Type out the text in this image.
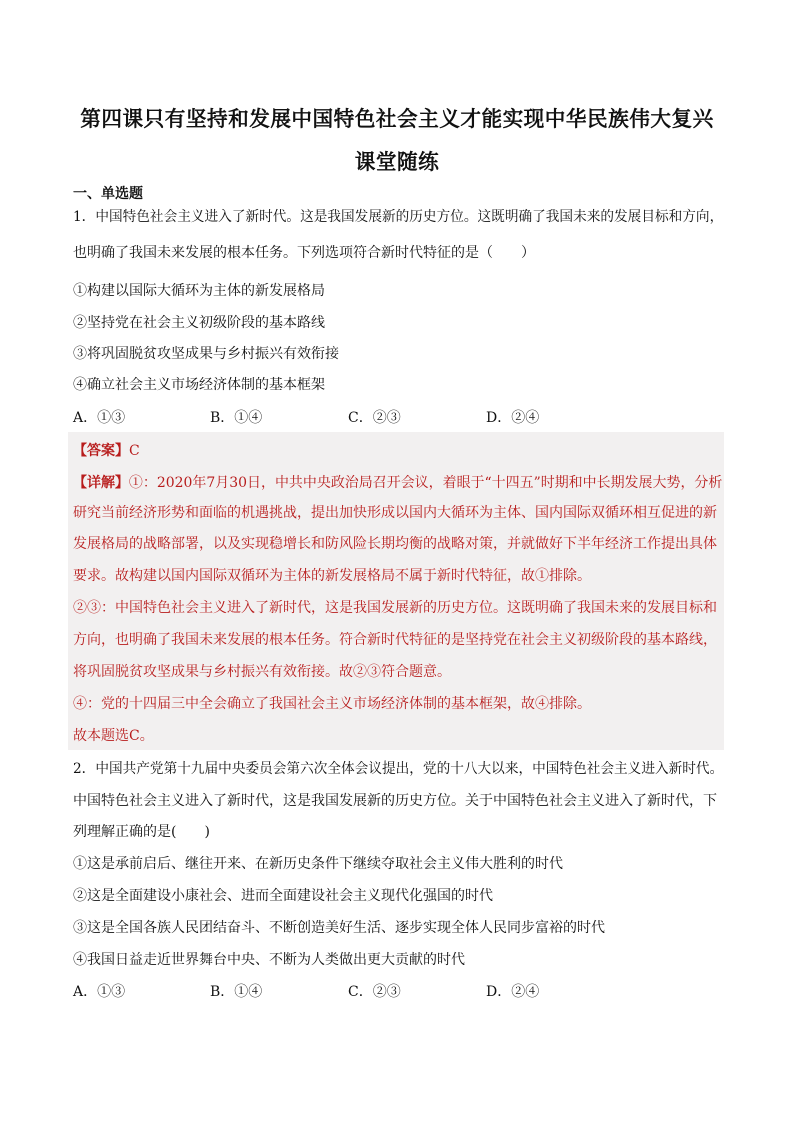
第四课只有坚持和发展中国特色社会主义才能实现中华民族伟大复兴
课堂随练
一、单选题
1．中国特色社会主义进入了新时代。这是我国发展新的历史方位。这既明确了我国未来的发展目标和方向，
也明确了我国未来发展的根本任务。下列选项符合新时代特征的是（　　）
①构建以国际大循环为主体的新发展格局
②坚持党在社会主义初级阶段的基本路线
③将巩固脱贫攻坚成果与乡村振兴有效衔接
④确立社会主义市场经济体制的基本框架
A．①③	B．①④	C．②③	D．②④
【答案】C
【详解】①：2020年7月30日，中共中央政治局召开会议，着眼于“十四五”时期和中长期发展大势，分析
研究当前经济形势和面临的机遇挑战，提出加快形成以国内大循环为主体、国内国际双循环相互促进的新
发展格局的战略部署，以及实现稳增长和防风险长期均衡的战略对策，并就做好下半年经济工作提出具体
要求。故构建以国内国际双循环为主体的新发展格局不属于新时代特征，故①排除。
②③：中国特色社会主义进入了新时代，这是我国发展新的历史方位。这既明确了我国未来的发展目标和
方向，也明确了我国未来发展的根本任务。符合新时代特征的是坚持党在社会主义初级阶段的基本路线，
将巩固脱贫攻坚成果与乡村振兴有效衔接。故②③符合题意。
④：党的十四届三中全会确立了我国社会主义市场经济体制的基本框架，故④排除。
故本题选C。
2．中国共产党第十九届中央委员会第六次全体会议提出，党的十八大以来，中国特色社会主义进入新时代。
中国特色社会主义进入了新时代，这是我国发展新的历史方位。关于中国特色社会主义进入了新时代，下
列理解正确的是(　　)
①这是承前启后、继往开来、在新历史条件下继续夺取社会主义伟大胜利的时代
②这是全面建设小康社会、进而全面建设社会主义现代化强国的时代
③这是全国各族人民团结奋斗、不断创造美好生活、逐步实现全体人民同步富裕的时代
④我国日益走近世界舞台中央、不断为人类做出更大贡献的时代
A．①③	B．①④	C．②③	D．②④
